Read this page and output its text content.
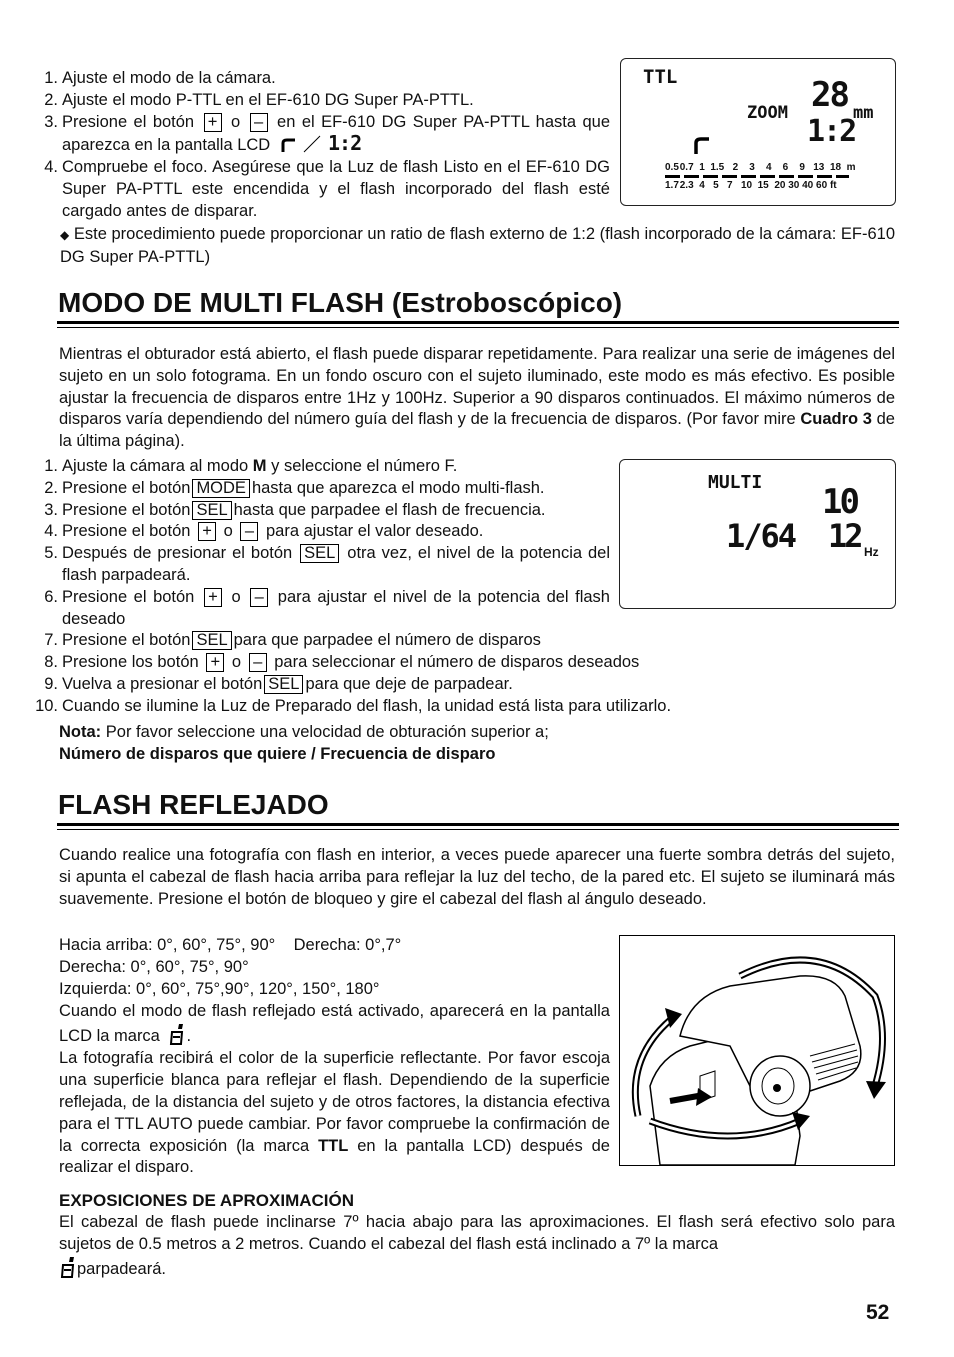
1. Ajuste el modo de la cámara.
2. Ajuste el modo P-TTL en el EF-610 DG Super PA-PTTL.
3. Presione el botón + o – en el EF-610 DG Super PA-PTTL hasta que aparezca en la pantalla LCD	1:2
4. Compruebe el foco. Asegúrese que la Luz de flash Listo en el EF-610 DG Super PA-PTTL este encendida y el flash incorporado del flash esté cargado antes de disparar.
◆ Este procedimiento puede proporcionar un ratio de flash externo de 1:2 (flash incorporado de la cámara: EF-610 DG Super PA-PTTL)
TTL
ZOOM 28 mm
1:2
0.5 0.7 1 1.5 2 3 4 6 9 13 18 m
1.7 2.3 4 5 7 10 15 20 30 40 60 ft
MODO DE MULTI FLASH (Estroboscópico)
Mientras el obturador está abierto, el flash puede disparar repetidamente. Para realizar una serie de imágenes del sujeto en un solo fotograma. En un fondo oscuro con el sujeto iluminado, este modo es más efectivo. Es posible ajustar la frecuencia de disparos entre 1Hz y 100Hz. Superior a 90 disparos continuados. El máximo números de disparos varía dependiendo del número guía del flash y de la frecuencia de disparos. (Por favor mire Cuadro 3 de la última página).
1. Ajuste la cámara al modo M y seleccione el número F.
2. Presione el botón MODE hasta que aparezca el modo multi-flash.
3. Presione el botón SEL hasta que parpadee el flash de frecuencia.
4. Presione el botón + o – para ajustar el valor deseado.
5. Después de presionar el botón SEL otra vez, el nivel de la potencia del flash parpadeará.
6. Presione el botón + o – para ajustar el nivel de la potencia del flash deseado
7. Presione el botón SEL para que parpadee el número de disparos
8. Presione los botón + o – para seleccionar el número de disparos deseados
9. Vuelva a presionar el botón SEL para que deje de parpadear.
10. Cuando se ilumine la Luz de Preparado del flash, la unidad está lista para utilizarlo.
Nota: Por favor seleccione una velocidad de obturación superior a;
Número de disparos que quiere / Frecuencia de disparo
MULTI 10
1/64 12 Hz
FLASH REFLEJADO
Cuando realice una fotografía con flash en interior, a veces puede aparecer una fuerte sombra detrás del sujeto, si apunta el cabezal de flash hacia arriba para reflejar la luz del techo, de la pared etc. El sujeto se iluminará más suavemente. Presione el botón de bloqueo y gire el cabezal del flash al ángulo deseado.
Hacia arriba: 0°, 60°, 75°, 90° Derecha: 0°,7°
Derecha: 0°, 60°, 75°, 90°
Izquierda: 0°, 60°, 75°,90°, 120°, 150°, 180°
Cuando el modo de flash reflejado está activado, aparecerá en la pantalla LCD la marca .
La fotografía recibirá el color de la superficie reflectante. Por favor escoja una superficie blanca para reflejar el flash. Dependiendo de la superficie reflejada, de la distancia del sujeto y de otros factores, la distancia efectiva para el TTL AUTO puede cambiar. Por favor compruebe la confirmación de la correcta exposición (la marca TTL en la pantalla LCD) después de realizar el disparo.
EXPOSICIONES DE APROXIMACIÓN
El cabezal de flash puede inclinarse 7º hacia abajo para las aproximaciones. El flash será efectivo solo para sujetos de 0.5 metros a 2 metros. Cuando el cabezal del flash está inclinado a 7º la marca
parpadeará.
52
